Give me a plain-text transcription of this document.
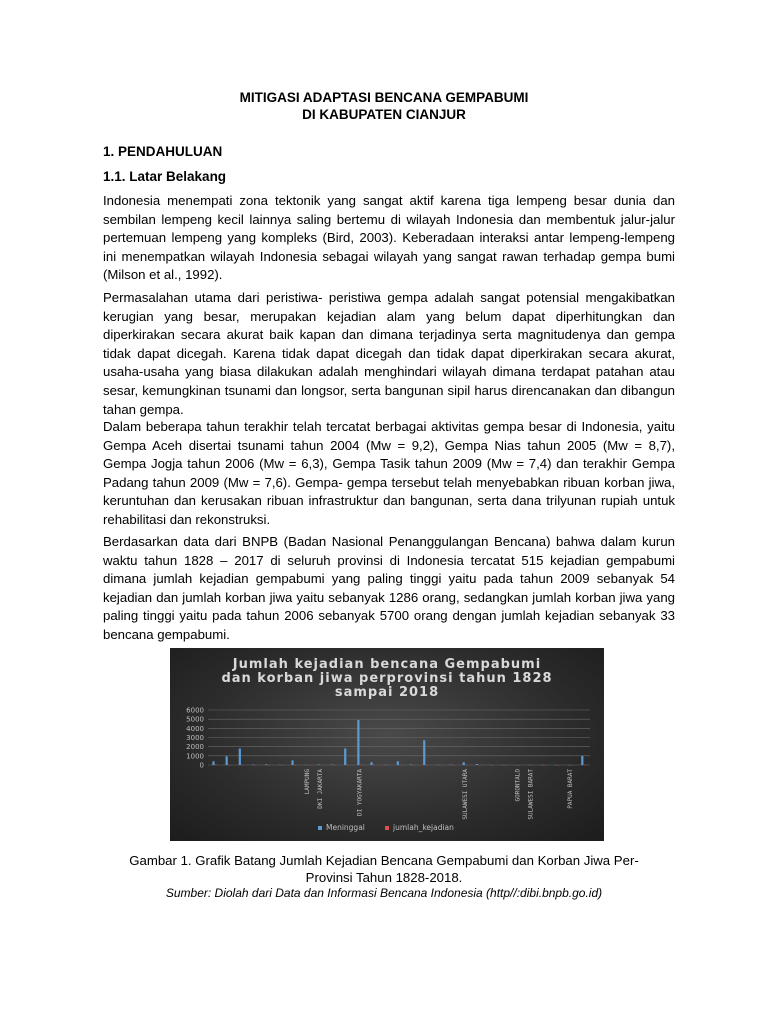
MITIGASI ADAPTASI BENCANA GEMPABUMI
DI KABUPATEN CIANJUR
1. PENDAHULUAN
1.1. Latar Belakang
Indonesia menempati zona tektonik yang sangat aktif karena tiga lempeng besar dunia dan sembilan lempeng kecil lainnya saling bertemu di wilayah Indonesia dan membentuk jalur-jalur pertemuan lempeng yang kompleks (Bird, 2003). Keberadaan interaksi antar lempeng-lempeng ini menempatkan wilayah Indonesia sebagai wilayah yang sangat rawan terhadap gempa bumi (Milson et al., 1992).
Permasalahan utama dari peristiwa- peristiwa gempa adalah sangat potensial mengakibatkan kerugian yang besar, merupakan kejadian alam yang belum dapat diperhitungkan dan diperkirakan secara akurat baik kapan dan dimana terjadinya serta magnitudenya dan gempa tidak dapat dicegah. Karena tidak dapat dicegah dan tidak dapat diperkirakan secara akurat, usaha-usaha yang biasa dilakukan adalah menghindari wilayah dimana terdapat patahan atau sesar, kemungkinan tsunami dan longsor, serta bangunan sipil harus direncanakan dan dibangun tahan gempa.
Dalam beberapa tahun terakhir telah tercatat berbagai aktivitas gempa besar di Indonesia, yaitu Gempa Aceh disertai tsunami tahun 2004 (Mw = 9,2), Gempa Nias tahun 2005 (Mw = 8,7), Gempa Jogja tahun 2006 (Mw = 6,3), Gempa Tasik tahun 2009 (Mw = 7,4) dan terakhir Gempa Padang tahun 2009 (Mw = 7,6). Gempa- gempa tersebut telah menyebabkan ribuan korban jiwa, keruntuhan dan kerusakan ribuan infrastruktur dan bangunan, serta dana trilyunan rupiah untuk rehabilitasi dan rekonstruksi.
Berdasarkan data dari BNPB (Badan Nasional Penanggulangan Bencana) bahwa dalam kurun waktu tahun 1828 – 2017 di seluruh provinsi di Indonesia tercatat 515 kejadian gempabumi dimana jumlah kejadian gempabumi yang paling tinggi yaitu pada tahun 2009 sebanyak 54 kejadian dan jumlah korban jiwa yaitu sebanyak 1286 orang, sedangkan jumlah korban jiwa yang paling tinggi yaitu pada tahun 2006 sebanyak 5700 orang dengan jumlah kejadian sebanyak 33 bencana gempabumi.
Jumlah kejadian bencana Gempabumi
dan korban jiwa perprovinsi tahun 1828
sampai 2018
0
1000
2000
3000
4000
5000
6000
LAMPUNG DKI JAKARTA	DI YOGYAKARTA	SULAWESI UTARA	GORONTALO SULAWESI BARAT	PAPUA BARAT
Meninggal	jumlah_kejadian
Gambar 1. Grafik Batang Jumlah Kejadian Bencana Gempabumi dan Korban Jiwa Per-
Provinsi Tahun 1828-2018.
Sumber: Diolah dari Data dan Informasi Bencana Indonesia (http//:dibi.bnpb.go.id)
